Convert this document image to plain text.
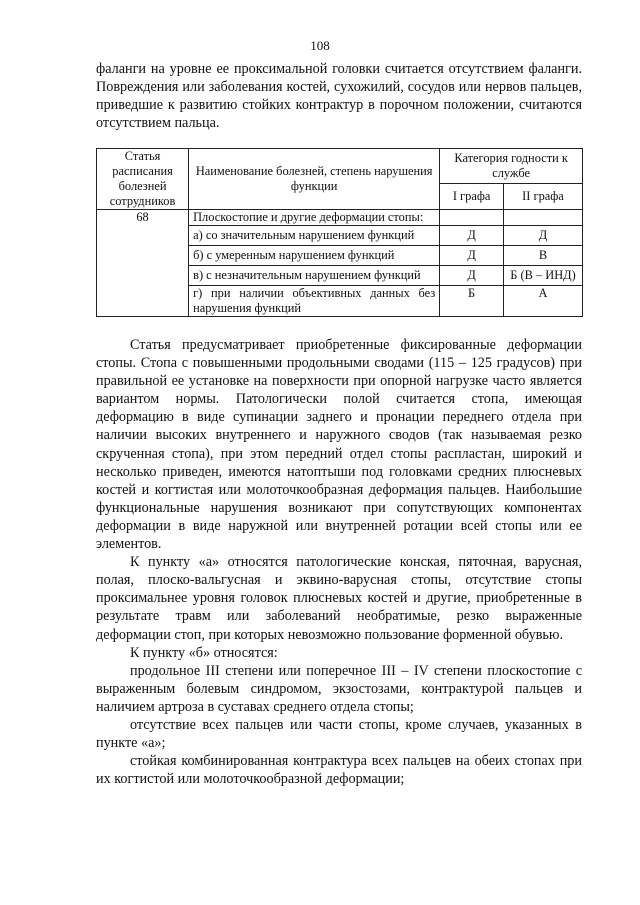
108
фаланги на уровне ее проксимальной головки считается отсутствием фаланги. Повреждения или заболевания костей, сухожилий, сосудов или нервов пальцев, приведшие к развитию стойких контрактур в порочном положении, считаются отсутствием пальца.
Статья расписания болезней сотрудников	Наименование болезней, степень нарушения функции	Категория годности к службе	
		I графа	II графа
68	Плоскостопие и другие деформации стопы:		
	а) со значительным нарушением функций	Д	Д
	б) с умеренным нарушением функций	Д	В
	в) с незначительным нарушением функций	Д	Б (В – ИНД)
	г) при наличии объективных данных без нарушения функций	Б	А

Статья предусматривает приобретенные фиксированные деформации стопы. Стопа с повышенными продольными сводами (115 – 125 градусов) при правильной ее установке на поверхности при опорной нагрузке часто является вариантом нормы. Патологически полой считается стопа, имеющая деформацию в виде супинации заднего и пронации переднего отдела при наличии высоких внутреннего и наружного сводов (так называемая резко скрученная стопа), при этом передний отдел стопы распластан, широкий и несколько приведен, имеются натоптыши под головками средних плюсневых костей и когтистая или молоточкообразная деформация пальцев. Наибольшие функциональные нарушения возникают при сопутствующих компонентах деформации в виде наружной или внутренней ротации всей стопы или ее элементов.

К пункту «а» относятся патологические конская, пяточная, варусная, полая, плоско-вальгусная и эквино-варусная стопы, отсутствие стопы проксимальнее уровня головок плюсневых костей и другие, приобретенные в результате травм или заболеваний необратимые, резко выраженные деформации стоп, при которых невозможно пользование форменной обувью.

К пункту «б» относятся:

продольное III степени или поперечное III – IV степени плоскостопие с выраженным болевым синдромом, экзостозами, контрактурой пальцев и наличием артроза в суставах среднего отдела стопы;

отсутствие всех пальцев или части стопы, кроме случаев, указанных в пункте «а»;

стойкая комбинированная контрактура всех пальцев на обеих стопах при их когтистой или молоточкообразной деформации;
